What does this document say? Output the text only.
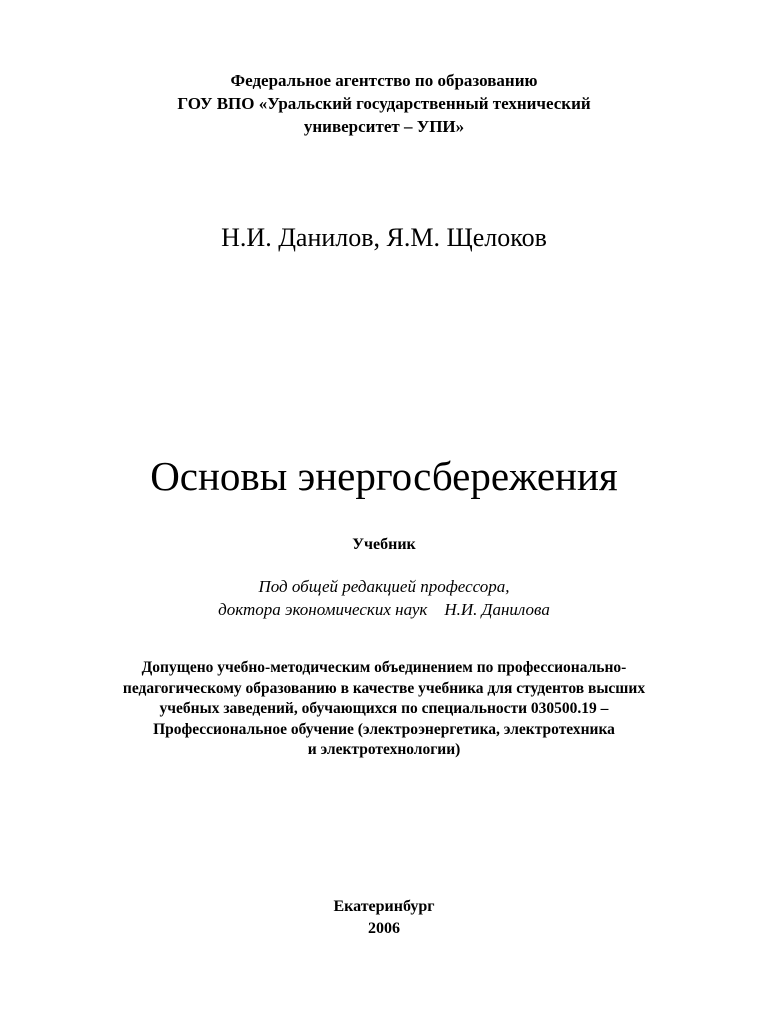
Федеральное агентство по образованию
ГОУ ВПО «Уральский государственный технический
университет – УПИ»
Н.И. Данилов, Я.М. Щелоков
Основы энергосбережения
Учебник
Под общей редакцией профессора,
доктора экономических наук    Н.И. Данилова
Допущено учебно-методическим объединением по профессионально-
педагогическому образованию в качестве учебника для студентов высших
учебных заведений, обучающихся по специальности 030500.19 –
Профессиональное обучение (электроэнергетика, электротехника
и электротехнологии)
Екатеринбург
2006
